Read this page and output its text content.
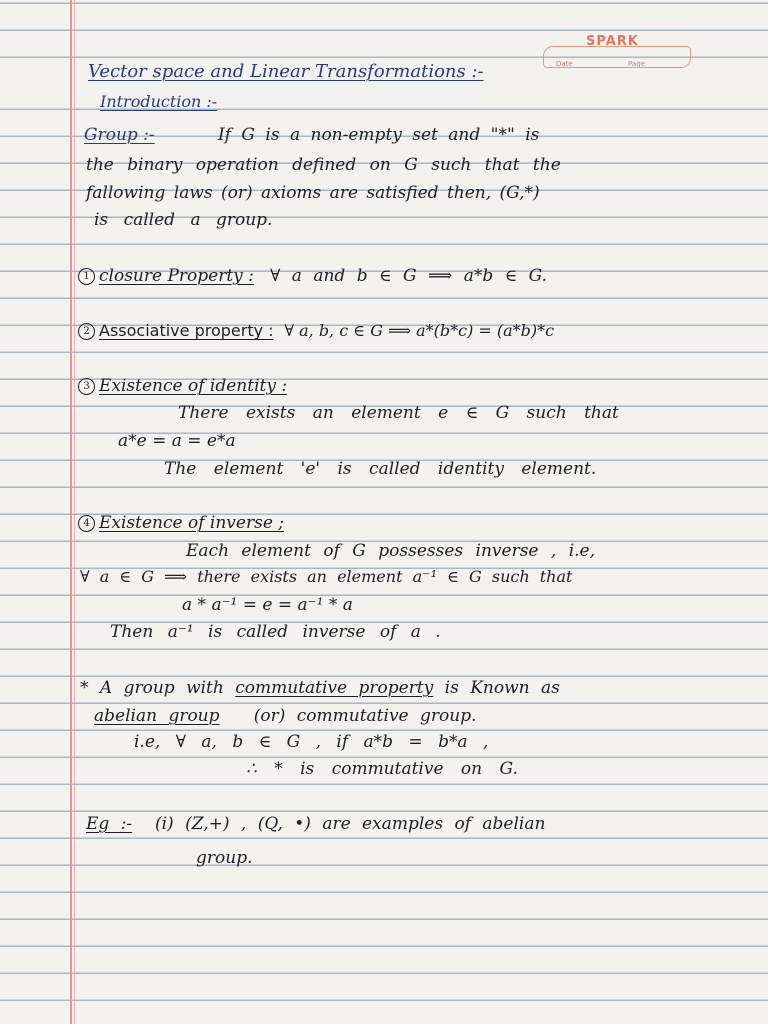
SPARK
Date	Page
Vector space and Linear Transformations :-
Introduction :-
Group :-	If G is a non-empty set and "*" is
the binary operation defined on G such that the
fallowing laws (or) axioms are satisfied then, (G,*)
is called a group.
1 closure Property : ∀ a and b ∈ G ⟹ a*b ∈ G.
2 Associative property : ∀ a, b, c ∈ G ⟹ a*(b*c) = (a*b)*c
3 Existence of identity :
There exists an element e ∈ G such that
a*e = a = e*a
The element 'e' is called identity element.
4 Existence of inverse ;
Each element of G possesses inverse , i.e,
∀ a ∈ G ⟹ there exists an element a⁻¹ ∈ G such that
a * a⁻¹ = e = a⁻¹ * a
Then a⁻¹ is called inverse of a .
* A group with commutative property is Known as
abelian group (or) commutative group.
i.e, ∀ a, b ∈ G , if a*b = b*a ,
∴ * is commutative on G.
Eg :- (i) (Z,+) , (Q, •) are examples of abelian
group.
